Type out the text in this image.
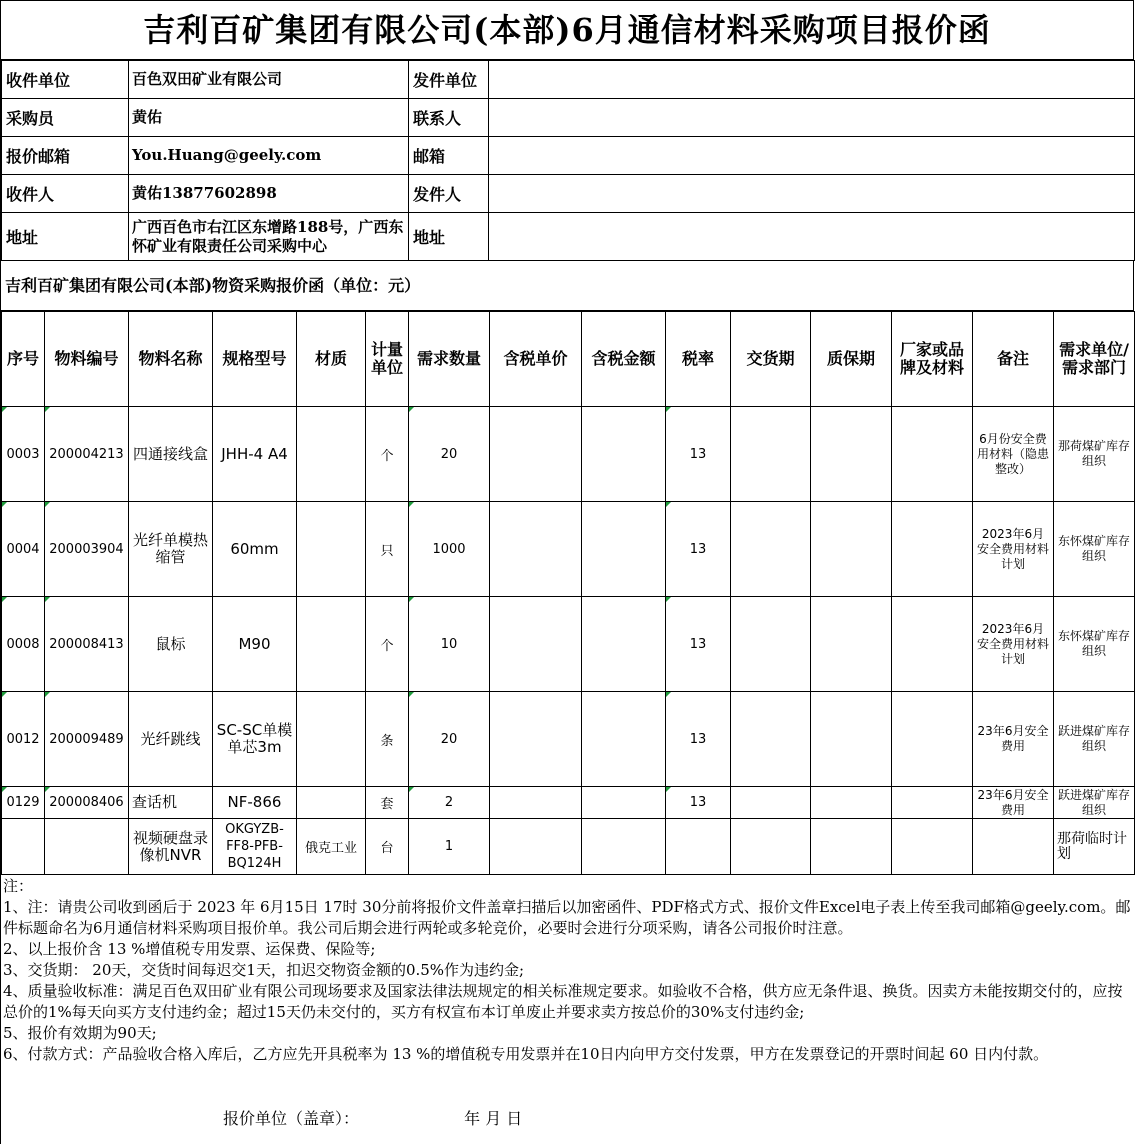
吉利百矿集团有限公司(本部)6月通信材料采购项目报价函
收件单位	百色双田矿业有限公司	发件单位	
采购员	黄佑	联系人	
报价邮箱	You.Huang@geely.com	邮箱	
收件人	黄佑13877602898	发件人	
地址	广西百色市右江区东增路188号，广西东怀矿业有限责任公司采购中心	地址	
吉利百矿集团有限公司(本部)物资采购报价函（单位：元）
序号	物料编号	物料名称	规格型号	材质	计量单位	需求数量	含税单价	含税金额	税率	交货期	质保期	厂家或品牌及材料	备注	需求单位/需求部门
0003	200004213	四通接线盒	JHH-4 A4		个	20			13				6月份安全费用材料（隐患整改）	那荷煤矿库存组织
0004	200003904	光纤单模热缩管	60mm		只	1000			13				2023年6月安全费用材料计划	东怀煤矿库存组织
0008	200008413	鼠标	M90		个	10			13				2023年6月安全费用材料计划	东怀煤矿库存组织
0012	200009489	光纤跳线	SC-SC单模单芯3m		条	20			13				23年6月安全费用	跃进煤矿库存组织
0129	200008406	查话机	NF-866		套	2			13				23年6月安全费用	跃进煤矿库存组织
		视频硬盘录像机NVR	OKGYZB-FF8-PFB-BQ124H	俄克工业	台	1								那荷临时计划

注：

1、注：请贵公司收到函后于 2023 年 6月15日 17时 30分前将报价文件盖章扫描后以加密函件、PDF格式方式、报价文件Excel电子表上传至我司邮箱@geely.com。邮件标题命名为6月通信材料采购项目报价单。我公司后期会进行两轮或多轮竞价，必要时会进行分项采购，请各公司报价时注意。

2、以上报价含 13 %增值税专用发票、运保费、保险等;

3、交货期： 20天，交货时间每迟交1天，扣迟交物资金额的0.5%作为违约金;

4、质量验收标准：满足百色双田矿业有限公司现场要求及国家法律法规规定的相关标准规定要求。如验收不合格，供方应无条件退、换货。因卖方未能按期交付的，应按总价的1%每天向买方支付违约金；超过15天仍未交付的，买方有权宣布本订单废止并要求卖方按总价的30%支付违约金;

5、报价有效期为90天;

6、付款方式：产品验收合格入库后，乙方应先开具税率为 13 %的增值税专用发票并在10日内向甲方交付发票，甲方在发票登记的开票时间起 60 日内付款。

报价单位（盖章）：	年 月 日
